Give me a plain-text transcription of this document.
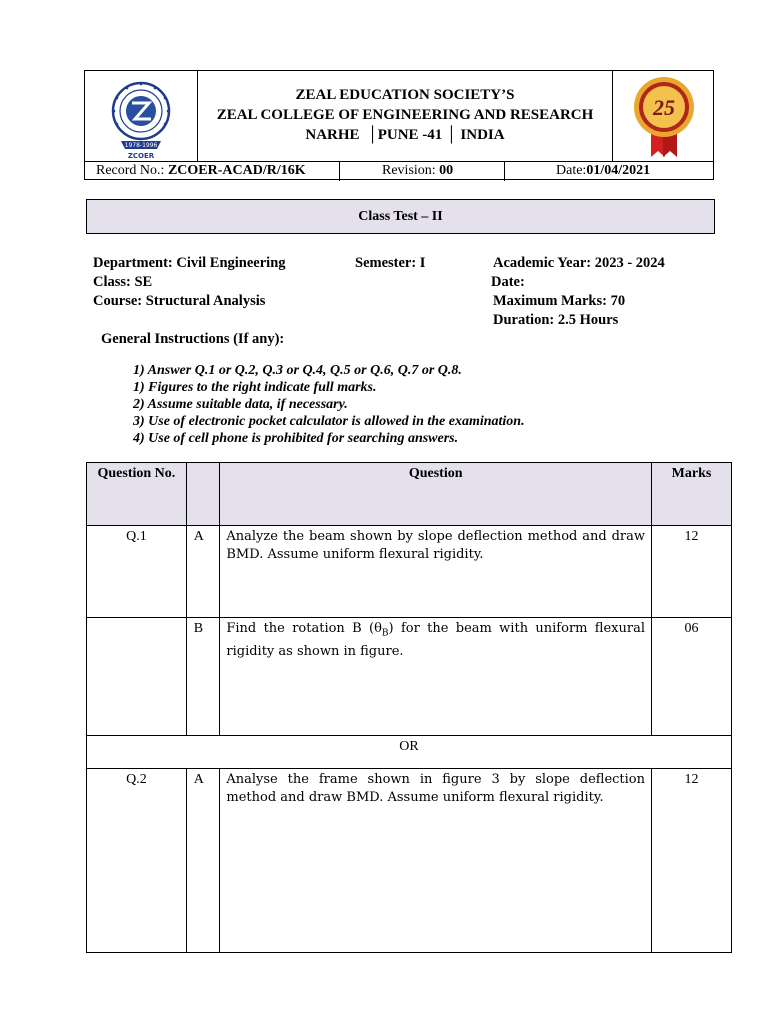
1978-1996
ZCOER
ZEAL EDUCATION SOCIETY’S
ZEAL COLLEGE OF ENGINEERING AND RESEARCH
NARHE  │PUNE -41 │ INDIA
25
Record No.: ZCOER-ACAD/R/16K	Revision: 00	Date:01/04/2021
Class Test – II
Department: Civil Engineering	Semester: I	Academic Year: 2023 - 2024
Class: SE	Date:
Course: Structural Analysis	Maximum Marks: 70
Duration: 2.5 Hours
General Instructions (If any):
1) Answer Q.1 or Q.2, Q.3 or Q.4, Q.5 or Q.6, Q.7 or Q.8.
1) Figures to the right indicate full marks.
2) Assume suitable data, if necessary.
3) Use of electronic pocket calculator is allowed in the examination.
4) Use of cell phone is prohibited for searching answers.
Question No.		Question	Marks
Q.1	A	Analyze the beam shown by slope deflection method and draw BMD. Assume uniform flexural rigidity.	12
	B	Find the rotation B $(\theta_B)$ for the beam with uniform flexural rigidity as shown in figure.	06
OR			
Q.2	A	Analyse the frame shown in figure 3 by slope deflection method and draw BMD. Assume uniform flexural rigidity.	12
